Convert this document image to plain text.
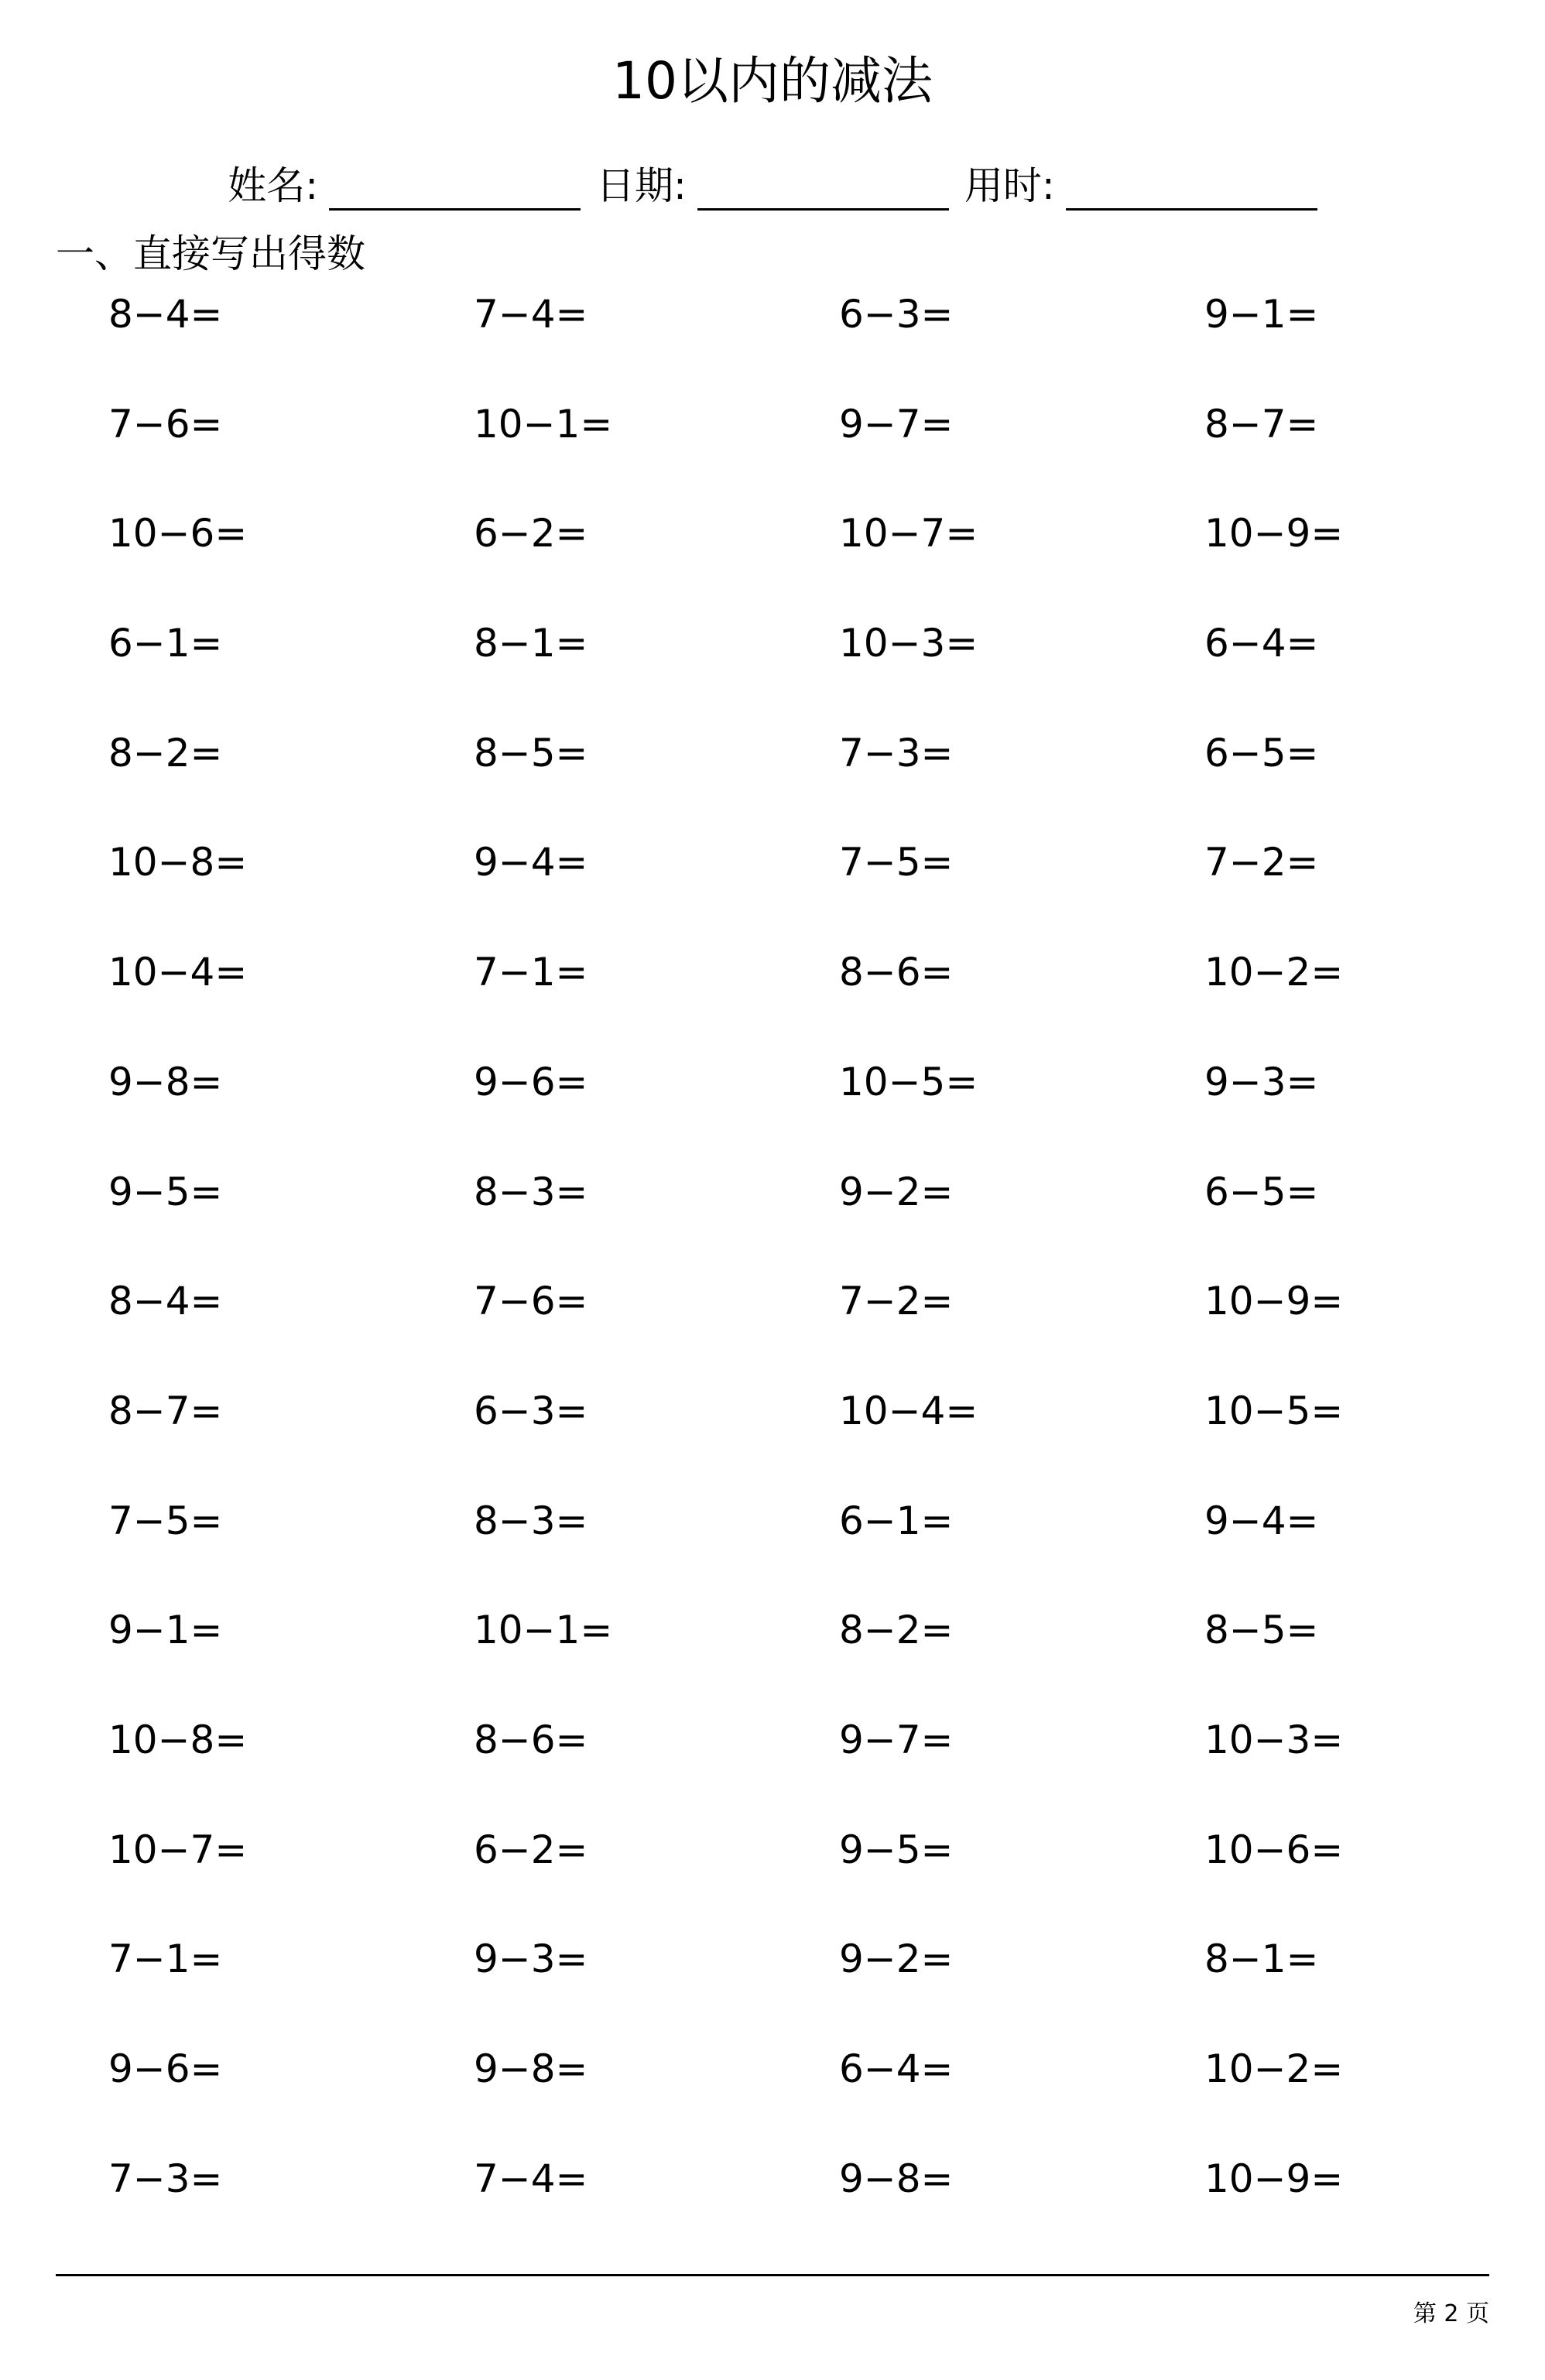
10以内的减法
姓名:	日期:	用时:
一、直接写出得数
8−4=	7−4=	6−3=	9−1=
7−6=	10−1=	9−7=	8−7=
10−6=	6−2=	10−7=	10−9=
6−1=	8−1=	10−3=	6−4=
8−2=	8−5=	7−3=	6−5=
10−8=	9−4=	7−5=	7−2=
10−4=	7−1=	8−6=	10−2=
9−8=	9−6=	10−5=	9−3=
9−5=	8−3=	9−2=	6−5=
8−4=	7−6=	7−2=	10−9=
8−7=	6−3=	10−4=	10−5=
7−5=	8−3=	6−1=	9−4=
9−1=	10−1=	8−2=	8−5=
10−8=	8−6=	9−7=	10−3=
10−7=	6−2=	9−5=	10−6=
7−1=	9−3=	9−2=	8−1=
9−6=	9−8=	6−4=	10−2=
7−3=	7−4=	9−8=	10−9=
第 2 页
